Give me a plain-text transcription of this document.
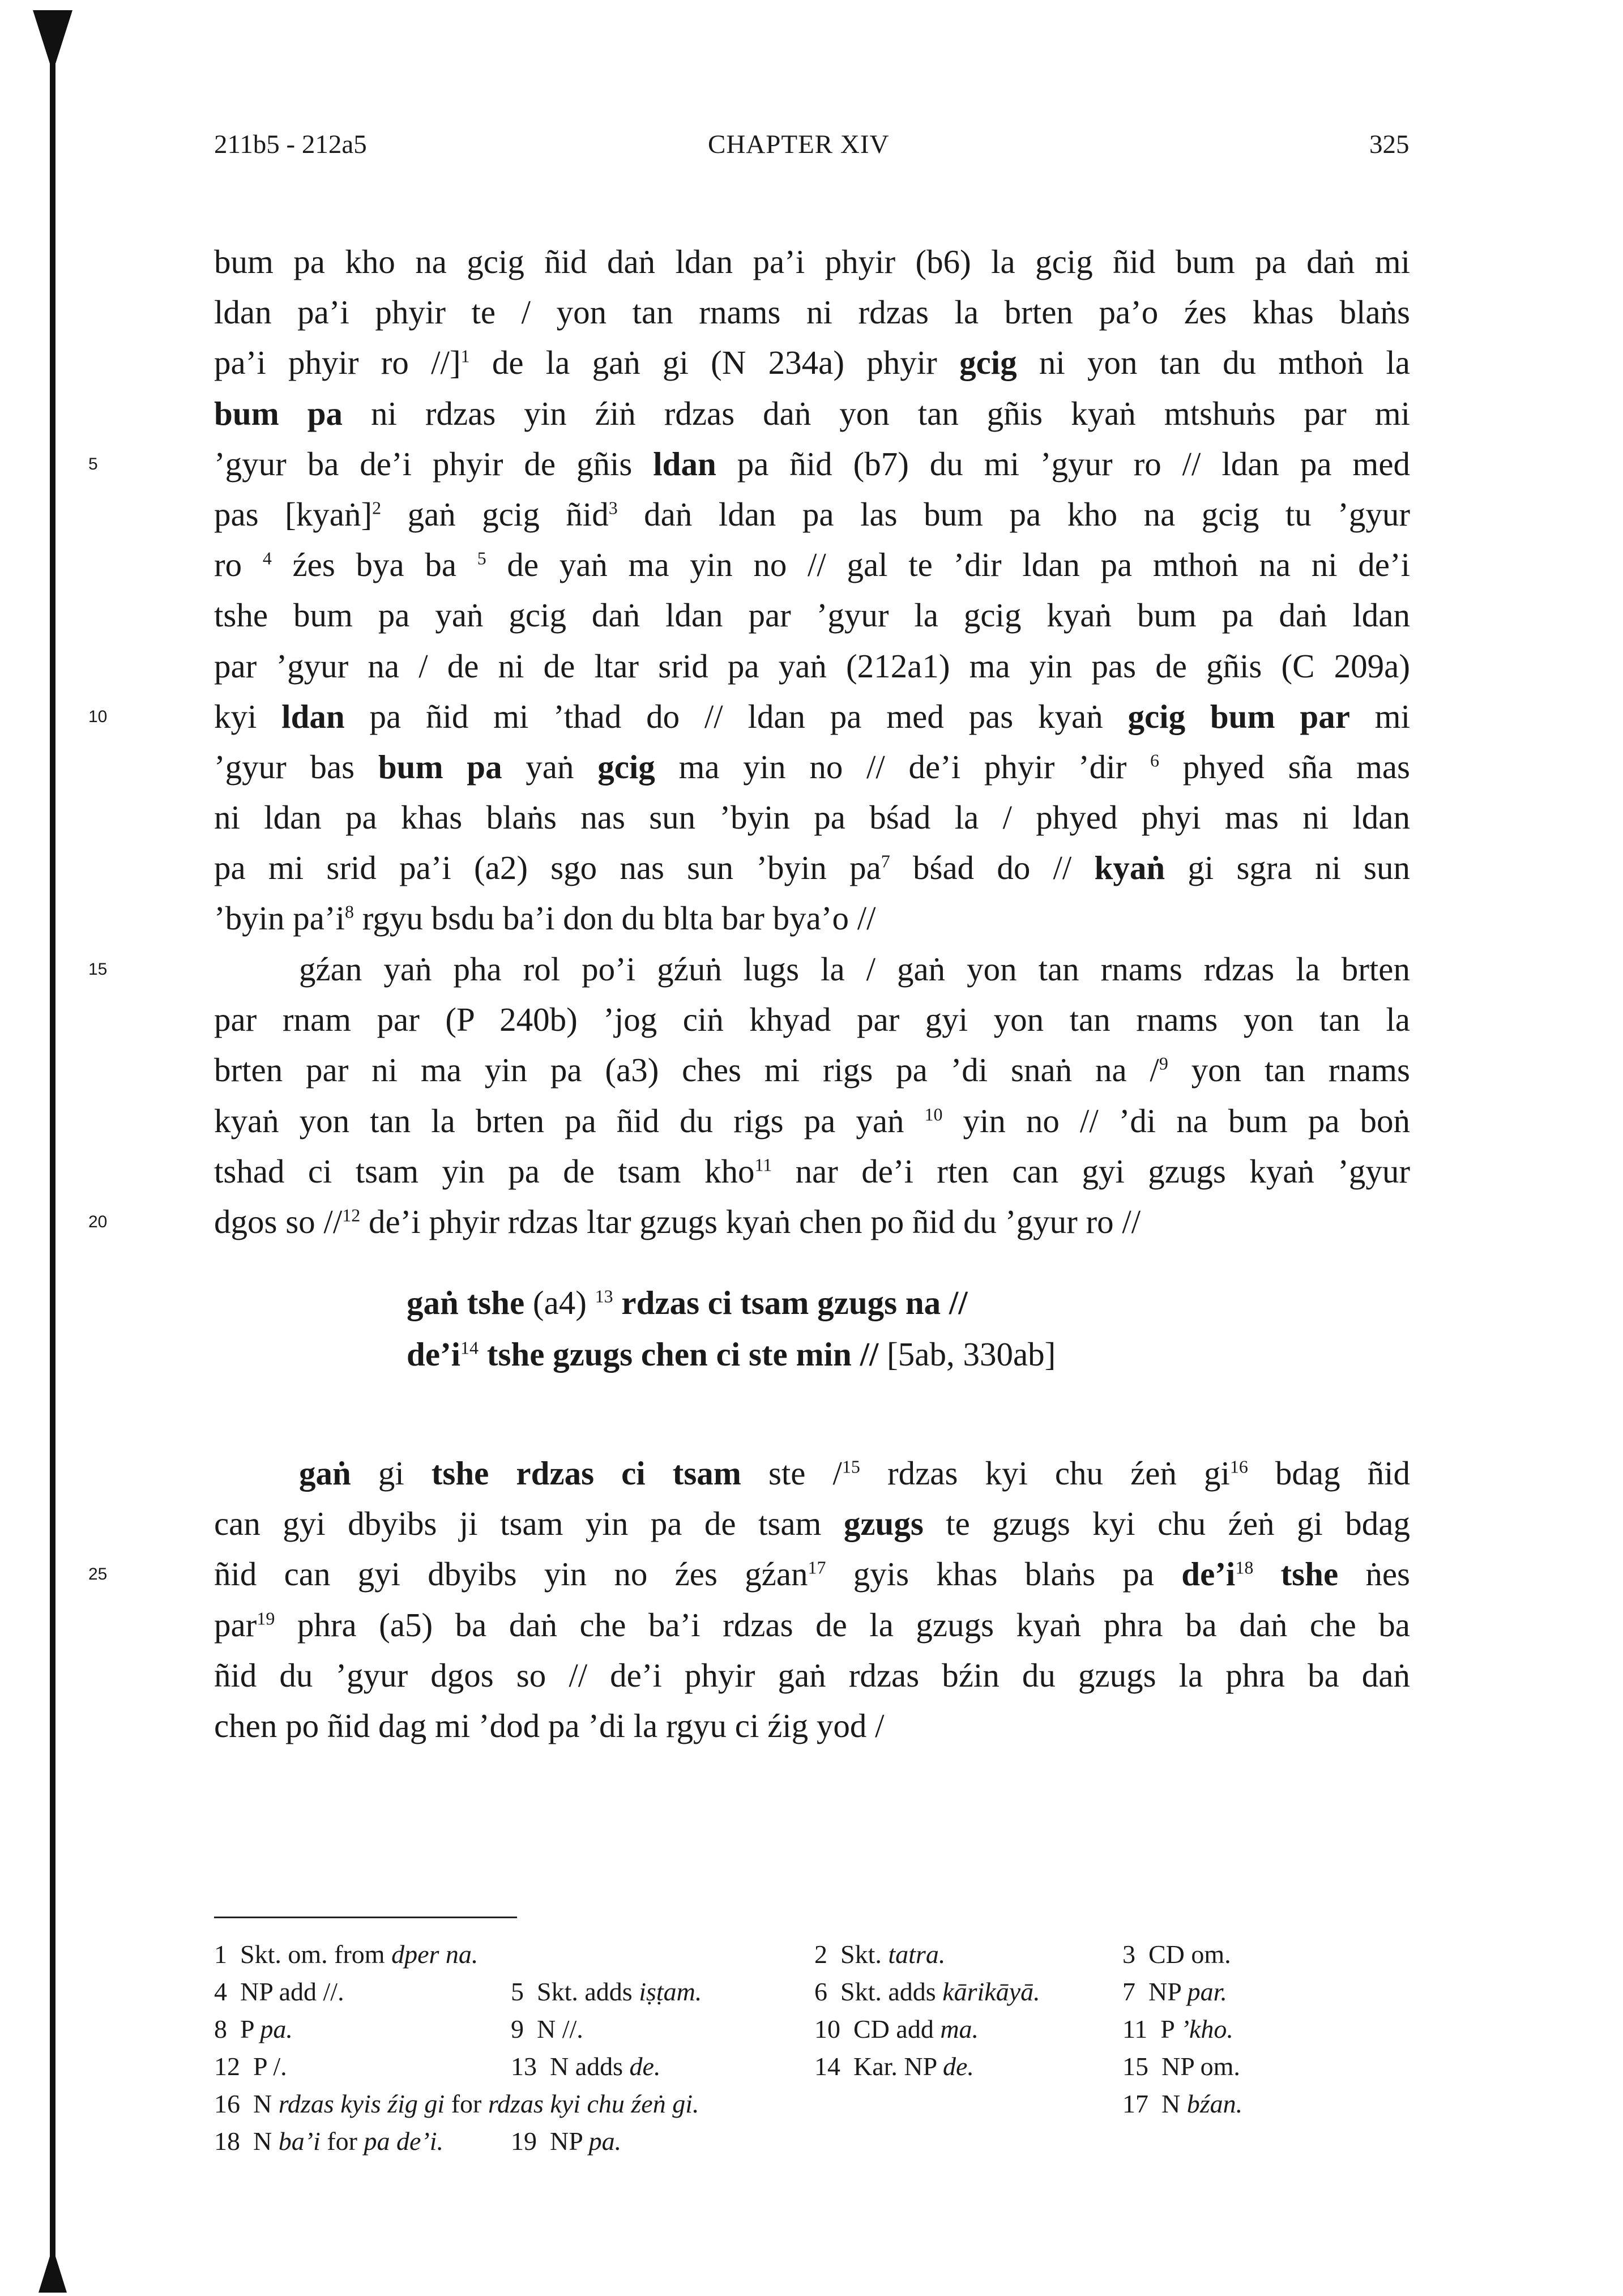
211b5 - 212a5	CHAPTER XIV	325
bum pa kho na gcig ñid daṅ ldan pa’i phyir (b6) la gcig ñid bum pa daṅ mi
ldan pa’i phyir te / yon tan rnams ni rdzas la brten pa’o źes khas blaṅs
pa’i phyir ro //]$^1$ de la gaṅ gi (N 234a) phyir gcig ni yon tan du mthoṅ la
bum pa ni rdzas yin źiṅ rdzas daṅ yon tan gñis kyaṅ mtshuṅs par mi
5	’gyur ba de’i phyir de gñis ldan pa ñid (b7) du mi ’gyur ro // ldan pa med
pas [kyaṅ]$^2$ gaṅ gcig ñid$^3$ daṅ ldan pa las bum pa kho na gcig tu ’gyur
ro $^4$ źes bya ba $^5$ de yaṅ ma yin no // gal te ’dir ldan pa mthoṅ na ni de’i
tshe bum pa yaṅ gcig daṅ ldan par ’gyur la gcig kyaṅ bum pa daṅ ldan
par ’gyur na / de ni de ltar srid pa yaṅ (212a1) ma yin pas de gñis (C 209a)
10	kyi ldan pa ñid mi ’thad do // ldan pa med pas kyaṅ gcig bum par mi
’gyur bas bum pa yaṅ gcig ma yin no // de’i phyir ’dir $^6$ phyed sña mas
ni ldan pa khas blaṅs nas sun ’byin pa bśad la / phyed phyi mas ni ldan
pa mi srid pa’i (a2) sgo nas sun ’byin $pa^7$ bśad do // kyaṅ gi sgra ni sun
’byin $pa’i^8$ rgyu bsdu ba’i don du blta bar bya’o //
15	gźan yaṅ pha rol po’i gźuṅ lugs la / gaṅ yon tan rnams rdzas la brten
par rnam par (P 240b) ’jog ciṅ khyad par gyi yon tan rnams yon tan la
brten par ni ma yin pa (a3) ches mi rigs pa ’di snaṅ na /$^9$ yon tan rnams
kyaṅ yon tan la brten pa ñid du rigs pa yaṅ $^{10}$ yin no // ’di na bum pa boṅ
tshad ci tsam yin pa de tsam kho$^{11}$ nar de’i rten can gyi gzugs kyaṅ ’gyur
20	dgos so //$^{12}$ de’i phyir rdzas ltar gzugs kyaṅ chen po ñid du ’gyur ro //
gaṅ tshe (a4) $^{13}$ rdzas ci tsam gzugs na //
$de’i^{14}$ tshe gzugs chen ci ste min // [5ab, 330ab]
gaṅ gi tshe rdzas ci tsam ste /$^{15}$ rdzas kyi chu źeṅ $gi^{16}$ bdag ñid
can gyi dbyibs ji tsam yin pa de tsam gzugs te gzugs kyi chu źeṅ gi bdag
25	ñid can gyi dbyibs yin no źes gźan$^{17}$ gyis khas blaṅs pa $de’i^{18}$ tshe ṅes
par$^{19}$ phra (a5) ba daṅ che ba’i rdzas de la gzugs kyaṅ phra ba daṅ che ba
ñid du ’gyur dgos so // de’i phyir gaṅ rdzas bźin du gzugs la phra ba daṅ
chen po ñid dag mi ’dod pa ’di la rgyu ci źig yod /
1 Skt. om. from dper na.	2 Skt. tatra.	3 CD om.
4 NP add //.	5 Skt. adds iṣṭam.	6 Skt. adds kārikāyā.	7 NP par.
8 P pa.	9 N //.	10 CD add ma.	11 P ’kho.
12 P /.	13 N adds de.	14 Kar. NP de.	15 NP om.
16 N rdzas kyis źig gi for rdzas kyi chu źeṅ gi.	17 N bźan.
18 N ba’i for pa de’i.	19 NP pa.
